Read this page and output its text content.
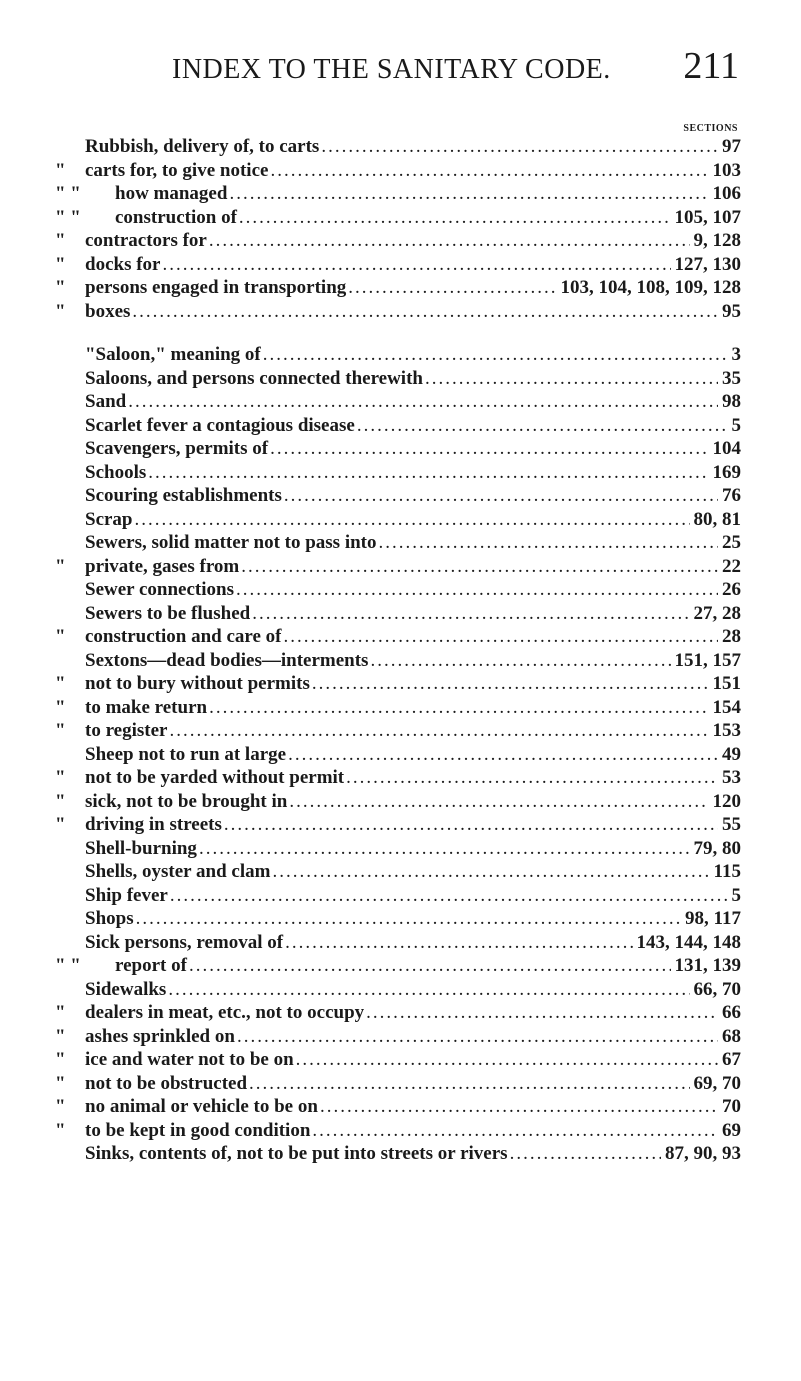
INDEX TO THE SANITARY CODE. 211
SECTIONS
Rubbish, delivery of, to carts .....	97
"	carts for, to give notice .....	103
" "	how managed .....	106
" "	construction of .....	105, 107
"	contractors for .....	9, 128
"	docks for .....	127, 130
"	persons engaged in transporting .....	103, 104, 108, 109, 128
"	boxes .....	95
"Saloon," meaning of .....	3
Saloons, and persons connected therewith .....	35
Sand .....	98
Scarlet fever a contagious disease .....	5
Scavengers, permits of .....	104
Schools .....	169
Scouring establishments .....	76
Scrap .....	80, 81
Sewers, solid matter not to pass into .....	25
"	private, gases from .....	22
Sewer connections .....	26
Sewers to be flushed .....	27, 28
"	construction and care of .....	28
Sextons—dead bodies—interments .....	151, 157
"	not to bury without permits .....	151
"	to make return .....	154
"	to register .....	153
Sheep not to run at large .....	49
"	not to be yarded without permit .....	53
"	sick, not to be brought in .....	120
"	driving in streets .....	55
Shell-burning .....	79, 80
Shells, oyster and clam .....	115
Ship fever .....	5
Shops .....	98, 117
Sick persons, removal of .....	143, 144, 148
" "	report of .....	131, 139
Sidewalks .....	66, 70
"	dealers in meat, etc., not to occupy .....	66
"	ashes sprinkled on .....	68
"	ice and water not to be on .....	67
"	not to be obstructed .....	69, 70
"	no animal or vehicle to be on .....	70
"	to be kept in good condition .....	69
Sinks, contents of, not to be put into streets or rivers .....	87, 90, 93
